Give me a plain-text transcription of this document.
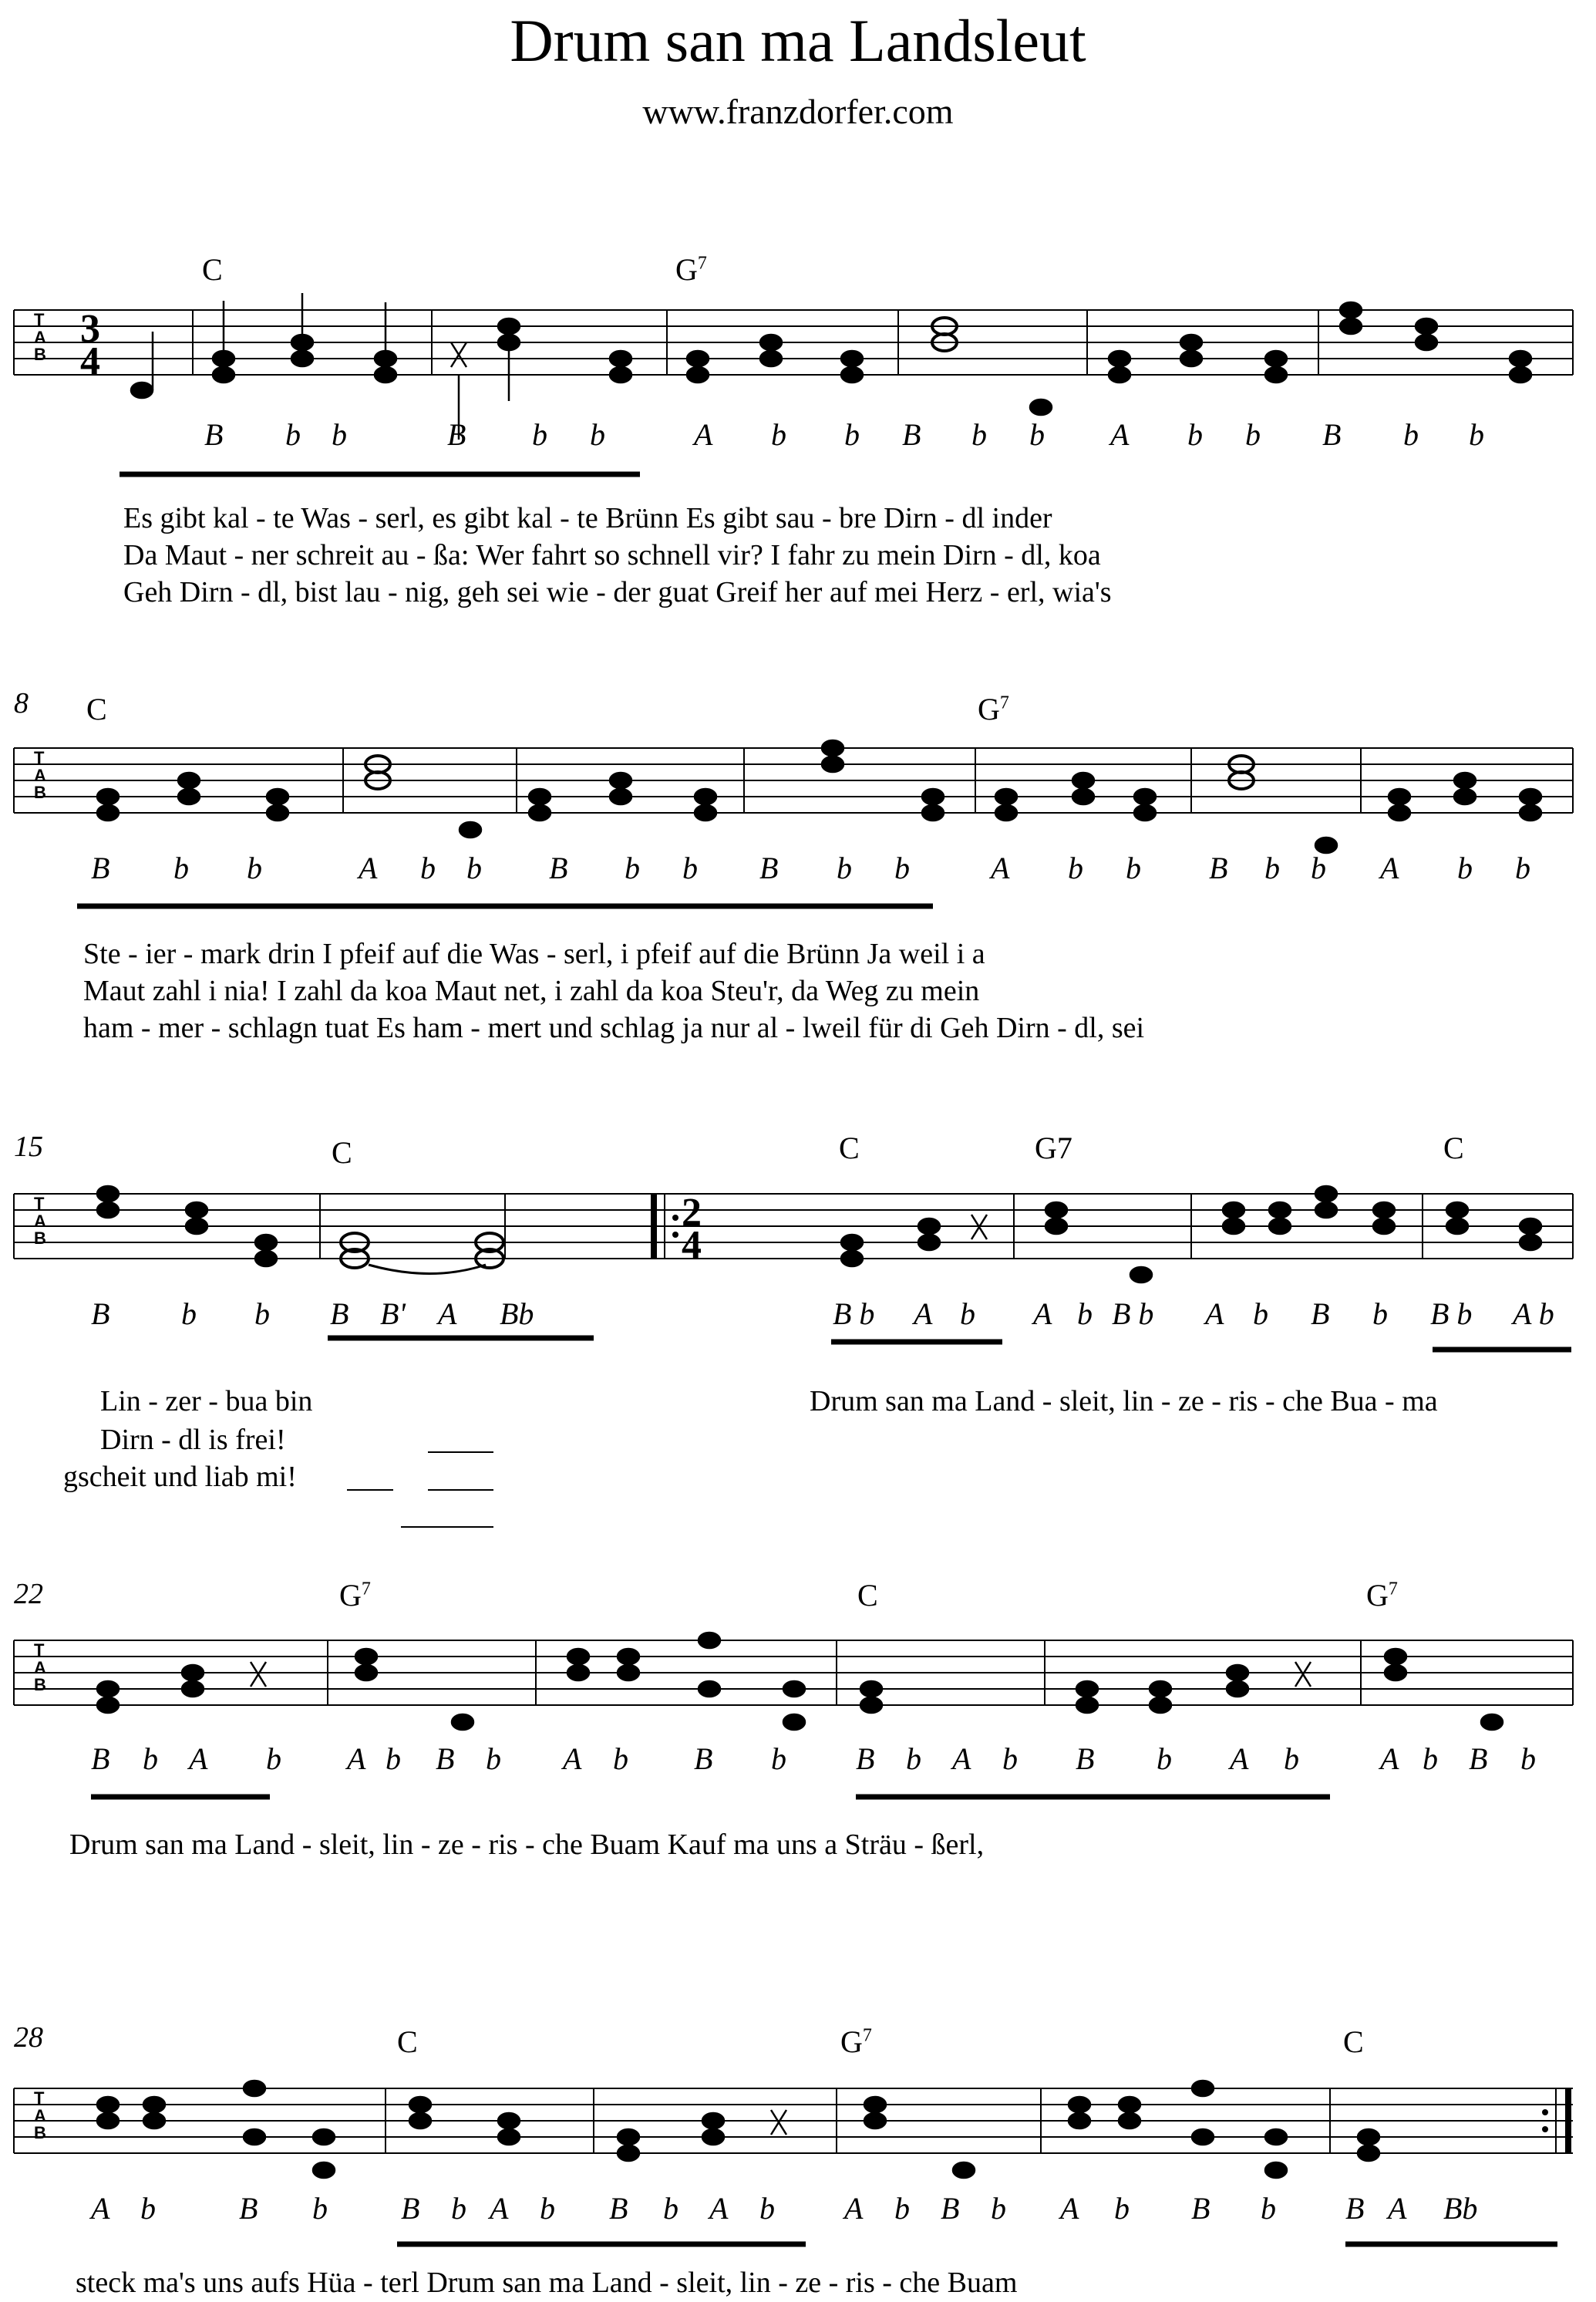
Drum san ma Landsleut
www.franzdorfer.com
C	$G^7$
T
A
B
3
4
B b b	B b b	A b b B b b A b b B b b
Es gibt kal - te Was - serl, es gibt kal - te Brünn Es gibt sau - bre Dirn - dl inder
Da Maut - ner schreit au - ßa: Wer fahrt so schnell vir? I fahr zu mein Dirn - dl, koa
Geh Dirn - dl, bist lau - nig, geh sei wie - der guat Greif her auf mei Herz - erl, wia's
8 C	$G^7$
T
A
B
B b b	A b b B b b B b b	A b b B b b A b b
Ste - ier - mark drin I pfeif auf die Was - serl, i pfeif auf die Brünn Ja weil i a
Maut zahl i nia! I zahl da koa Maut net, i zahl da koa Steu'r, da Weg zu mein
ham - mer - schlagn tuat Es ham - mert und schlag ja nur al - lweil für di Geh Dirn - dl, sei
15	C	C	G7	C
T
A
B
2
4
B b b B B' A Bb	B b A b A b B b A b B b B b A b
Lin - zer - bua bin
Dirn - dl is frei!
gscheit und liab mi!
Drum san ma Land - sleit, lin - ze - ris - che Bua - ma
22	$G^7$	C	$G^7$
T
A
B
B b A b A b B b A b B b B b A b B b A b	A b B b
Drum san ma Land - sleit, lin - ze - ris - che Buam Kauf ma uns a Sträu - ßerl,
28	C	$G^7$	C
T
A
B
A b	B b B b A b B b A b A b B b A b B b B A Bb
steck ma's uns aufs Hüa - terl Drum san ma Land - sleit, lin - ze - ris - che Buam
